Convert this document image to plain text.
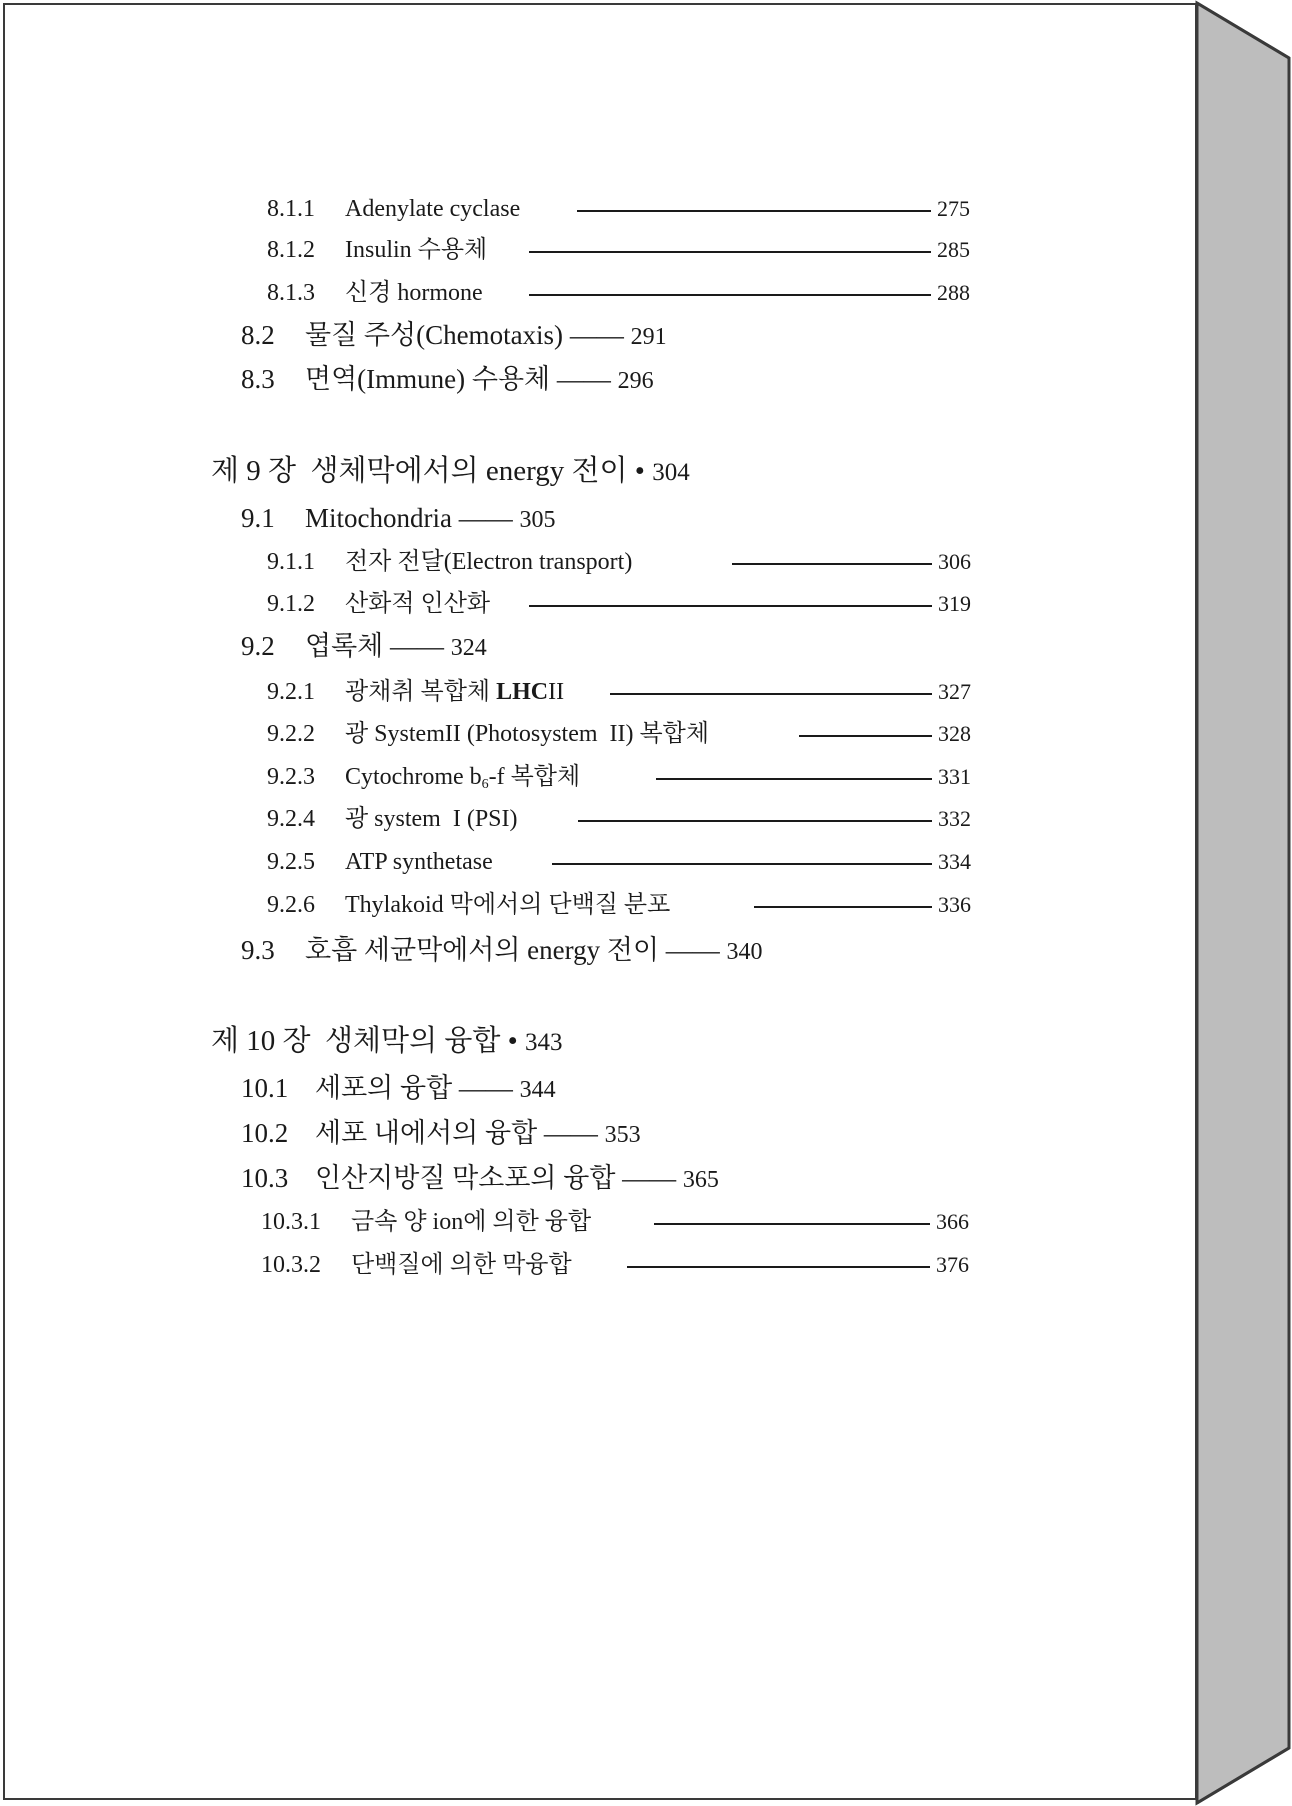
8.1.1 Adenylate cyclase	275
8.1.2 Insulin 수용체	285
8.1.3 신경 hormone	288
8.2 물질 주성(Chemotaxis) —— 291
8.3 면역(Immune) 수용체 —— 296
제 9 장  생체막에서의 energy 전이 • 304
9.1 Mitochondria —— 305
9.1.1 전자 전달(Electron transport)	306
9.1.2 산화적 인산화	319
9.2 엽록체 —— 324
9.2.1 광채취 복합체 LHCII	327
9.2.2 광 SystemII (Photosystem  II) 복합체	328
9.2.3 Cytochrome b6-f 복합체	331
9.2.4 광 system  I (PSI)	332
9.2.5 ATP synthetase	334
9.2.6 Thylakoid 막에서의 단백질 분포	336
9.3 호흡 세균막에서의 energy 전이 —— 340
제 10 장  생체막의 융합 • 343
10.1 세포의 융합 —— 344
10.2 세포 내에서의 융합 —— 353
10.3 인산지방질 막소포의 융합 —— 365
10.3.1 금속 양 ion에 의한 융합	366
10.3.2 단백질에 의한 막융합	376
